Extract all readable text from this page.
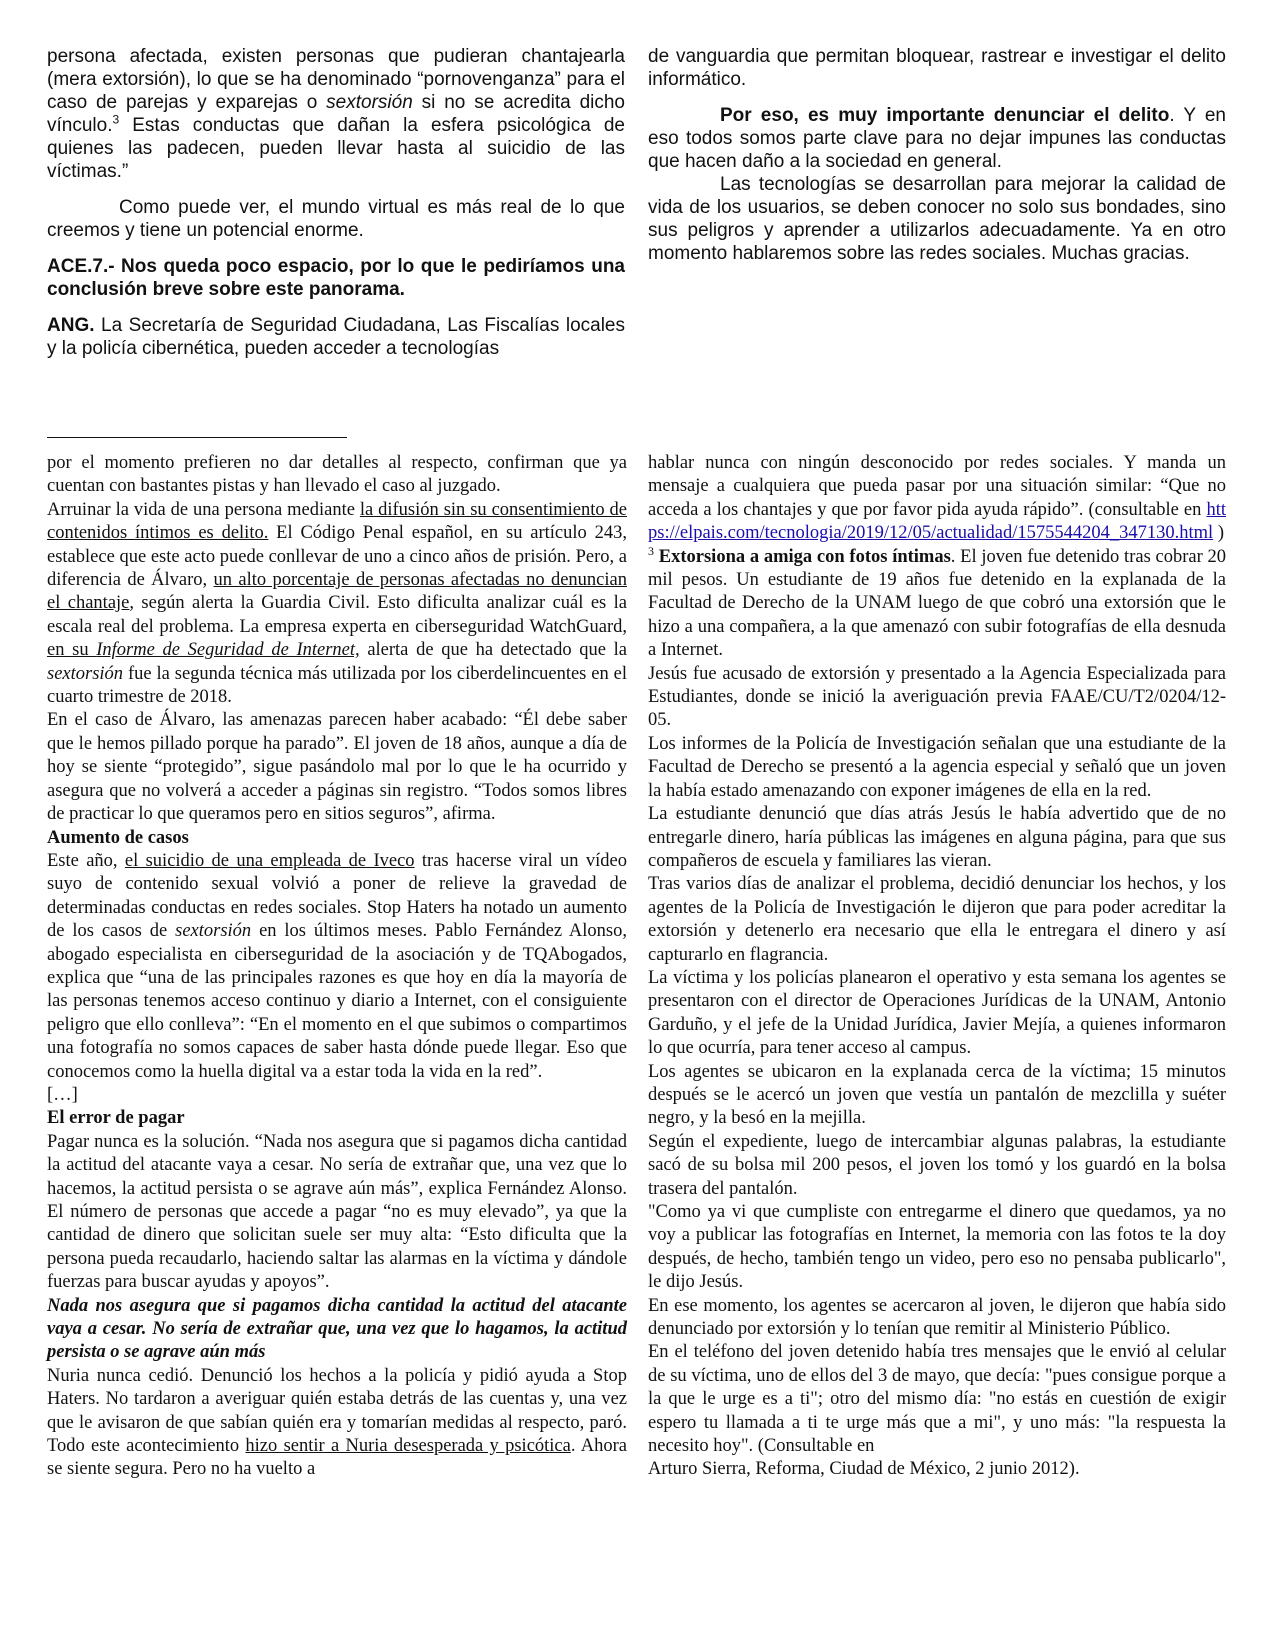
persona afectada, existen personas que pudieran chantajearla (mera extorsión), lo que se ha denominado “pornovenganza” para el caso de parejas y exparejas o sextorsión si no se acredita dicho vínculo.$^3$ Estas conductas que dañan la esfera psicológica de quienes las padecen, pueden llevar hasta al suicidio de las víctimas.”

Como puede ver, el mundo virtual es más real de lo que creemos y tiene un potencial enorme.

ACE.7.- Nos queda poco espacio, por lo que le pediríamos una conclusión breve sobre este panorama.

ANG. La Secretaría de Seguridad Ciudadana, Las Fiscalías locales y la policía cibernética, pueden acceder a tecnologías

de vanguardia que permitan bloquear, rastrear e investigar el delito informático.

Por eso, es muy importante denunciar el delito. Y en eso todos somos parte clave para no dejar impunes las conductas que hacen daño a la sociedad en general.

Las tecnologías se desarrollan para mejorar la calidad de vida de los usuarios, se deben conocer no solo sus bondades, sino sus peligros y aprender a utilizarlos adecuadamente. Ya en otro momento hablaremos sobre las redes sociales. Muchas gracias.

por el momento prefieren no dar detalles al respecto, confirman que ya cuentan con bastantes pistas y han llevado el caso al juzgado.

Arruinar la vida de una persona mediante la difusión sin su consentimiento de contenidos íntimos es delito. El Código Penal español, en su artículo 243, establece que este acto puede conllevar de uno a cinco años de prisión. Pero, a diferencia de Álvaro, un alto porcentaje de personas afectadas no denuncian el chantaje, según alerta la Guardia Civil. Esto dificulta analizar cuál es la escala real del problema. La empresa experta en ciberseguridad WatchGuard, en su Informe de Seguridad de Internet, alerta de que ha detectado que la sextorsión fue la segunda técnica más utilizada por los ciberdelincuentes en el cuarto trimestre de 2018.

En el caso de Álvaro, las amenazas parecen haber acabado: “Él debe saber que le hemos pillado porque ha parado”. El joven de 18 años, aunque a día de hoy se siente “protegido”, sigue pasándolo mal por lo que le ha ocurrido y asegura que no volverá a acceder a páginas sin registro. “Todos somos libres de practicar lo que queramos pero en sitios seguros”, afirma.

Aumento de casos

Este año, el suicidio de una empleada de Iveco tras hacerse viral un vídeo suyo de contenido sexual volvió a poner de relieve la gravedad de determinadas conductas en redes sociales. Stop Haters ha notado un aumento de los casos de sextorsión en los últimos meses. Pablo Fernández Alonso, abogado especialista en ciberseguridad de la asociación y de TQAbogados, explica que “una de las principales razones es que hoy en día la mayoría de las personas tenemos acceso continuo y diario a Internet, con el consiguiente peligro que ello conlleva”: “En el momento en el que subimos o compartimos una fotografía no somos capaces de saber hasta dónde puede llegar. Eso que conocemos como la huella digital va a estar toda la vida en la red”.

[…]

El error de pagar

Pagar nunca es la solución. “Nada nos asegura que si pagamos dicha cantidad la actitud del atacante vaya a cesar. No sería de extrañar que, una vez que lo hacemos, la actitud persista o se agrave aún más”, explica Fernández Alonso. El número de personas que accede a pagar “no es muy elevado”, ya que la cantidad de dinero que solicitan suele ser muy alta: “Esto dificulta que la persona pueda recaudarlo, haciendo saltar las alarmas en la víctima y dándole fuerzas para buscar ayudas y apoyos”.

Nada nos asegura que si pagamos dicha cantidad la actitud del atacante vaya a cesar. No sería de extrañar que, una vez que lo hagamos, la actitud persista o se agrave aún más

Nuria nunca cedió. Denunció los hechos a la policía y pidió ayuda a Stop Haters. No tardaron a averiguar quién estaba detrás de las cuentas y, una vez que le avisaron de que sabían quién era y tomarían medidas al respecto, paró. Todo este acontecimiento hizo sentir a Nuria desesperada y psicótica. Ahora se siente segura. Pero no ha vuelto a

hablar nunca con ningún desconocido por redes sociales. Y manda un mensaje a cualquiera que pueda pasar por una situación similar: “Que no acceda a los chantajes y que por favor pida ayuda rápido”. (consultable en https://elpais.com/tecnologia/2019/12/05/actualidad/1575544204_347130.html )

$^3$ Extorsiona a amiga con fotos íntimas. El joven fue detenido tras cobrar 20 mil pesos. Un estudiante de 19 años fue detenido en la explanada de la Facultad de Derecho de la UNAM luego de que cobró una extorsión que le hizo a una compañera, a la que amenazó con subir fotografías de ella desnuda a Internet.

Jesús fue acusado de extorsión y presentado a la Agencia Especializada para Estudiantes, donde se inició la averiguación previa FAAE/CU/T2/0204/12-05.

Los informes de la Policía de Investigación señalan que una estudiante de la Facultad de Derecho se presentó a la agencia especial y señaló que un joven la había estado amenazando con exponer imágenes de ella en la red.

La estudiante denunció que días atrás Jesús le había advertido que de no entregarle dinero, haría públicas las imágenes en alguna página, para que sus compañeros de escuela y familiares las vieran.

Tras varios días de analizar el problema, decidió denunciar los hechos, y los agentes de la Policía de Investigación le dijeron que para poder acreditar la extorsión y detenerlo era necesario que ella le entregara el dinero y así capturarlo en flagrancia.

La víctima y los policías planearon el operativo y esta semana los agentes se presentaron con el director de Operaciones Jurídicas de la UNAM, Antonio Garduño, y el jefe de la Unidad Jurídica, Javier Mejía, a quienes informaron lo que ocurría, para tener acceso al campus.

Los agentes se ubicaron en la explanada cerca de la víctima; 15 minutos después se le acercó un joven que vestía un pantalón de mezclilla y suéter negro, y la besó en la mejilla.

Según el expediente, luego de intercambiar algunas palabras, la estudiante sacó de su bolsa mil 200 pesos, el joven los tomó y los guardó en la bolsa trasera del pantalón.

"Como ya vi que cumpliste con entregarme el dinero que quedamos, ya no voy a publicar las fotografías en Internet, la memoria con las fotos te la doy después, de hecho, también tengo un video, pero eso no pensaba publicarlo", le dijo Jesús.

En ese momento, los agentes se acercaron al joven, le dijeron que había sido denunciado por extorsión y lo tenían que remitir al Ministerio Público.

En el teléfono del joven detenido había tres mensajes que le envió al celular de su víctima, uno de ellos del 3 de mayo, que decía: "pues consigue porque a la que le urge es a ti"; otro del mismo día: "no estás en cuestión de exigir espero tu llamada a ti te urge más que a mi", y uno más: "la respuesta la necesito hoy". (Consultable en

Arturo Sierra, Reforma, Ciudad de México, 2 junio 2012).
